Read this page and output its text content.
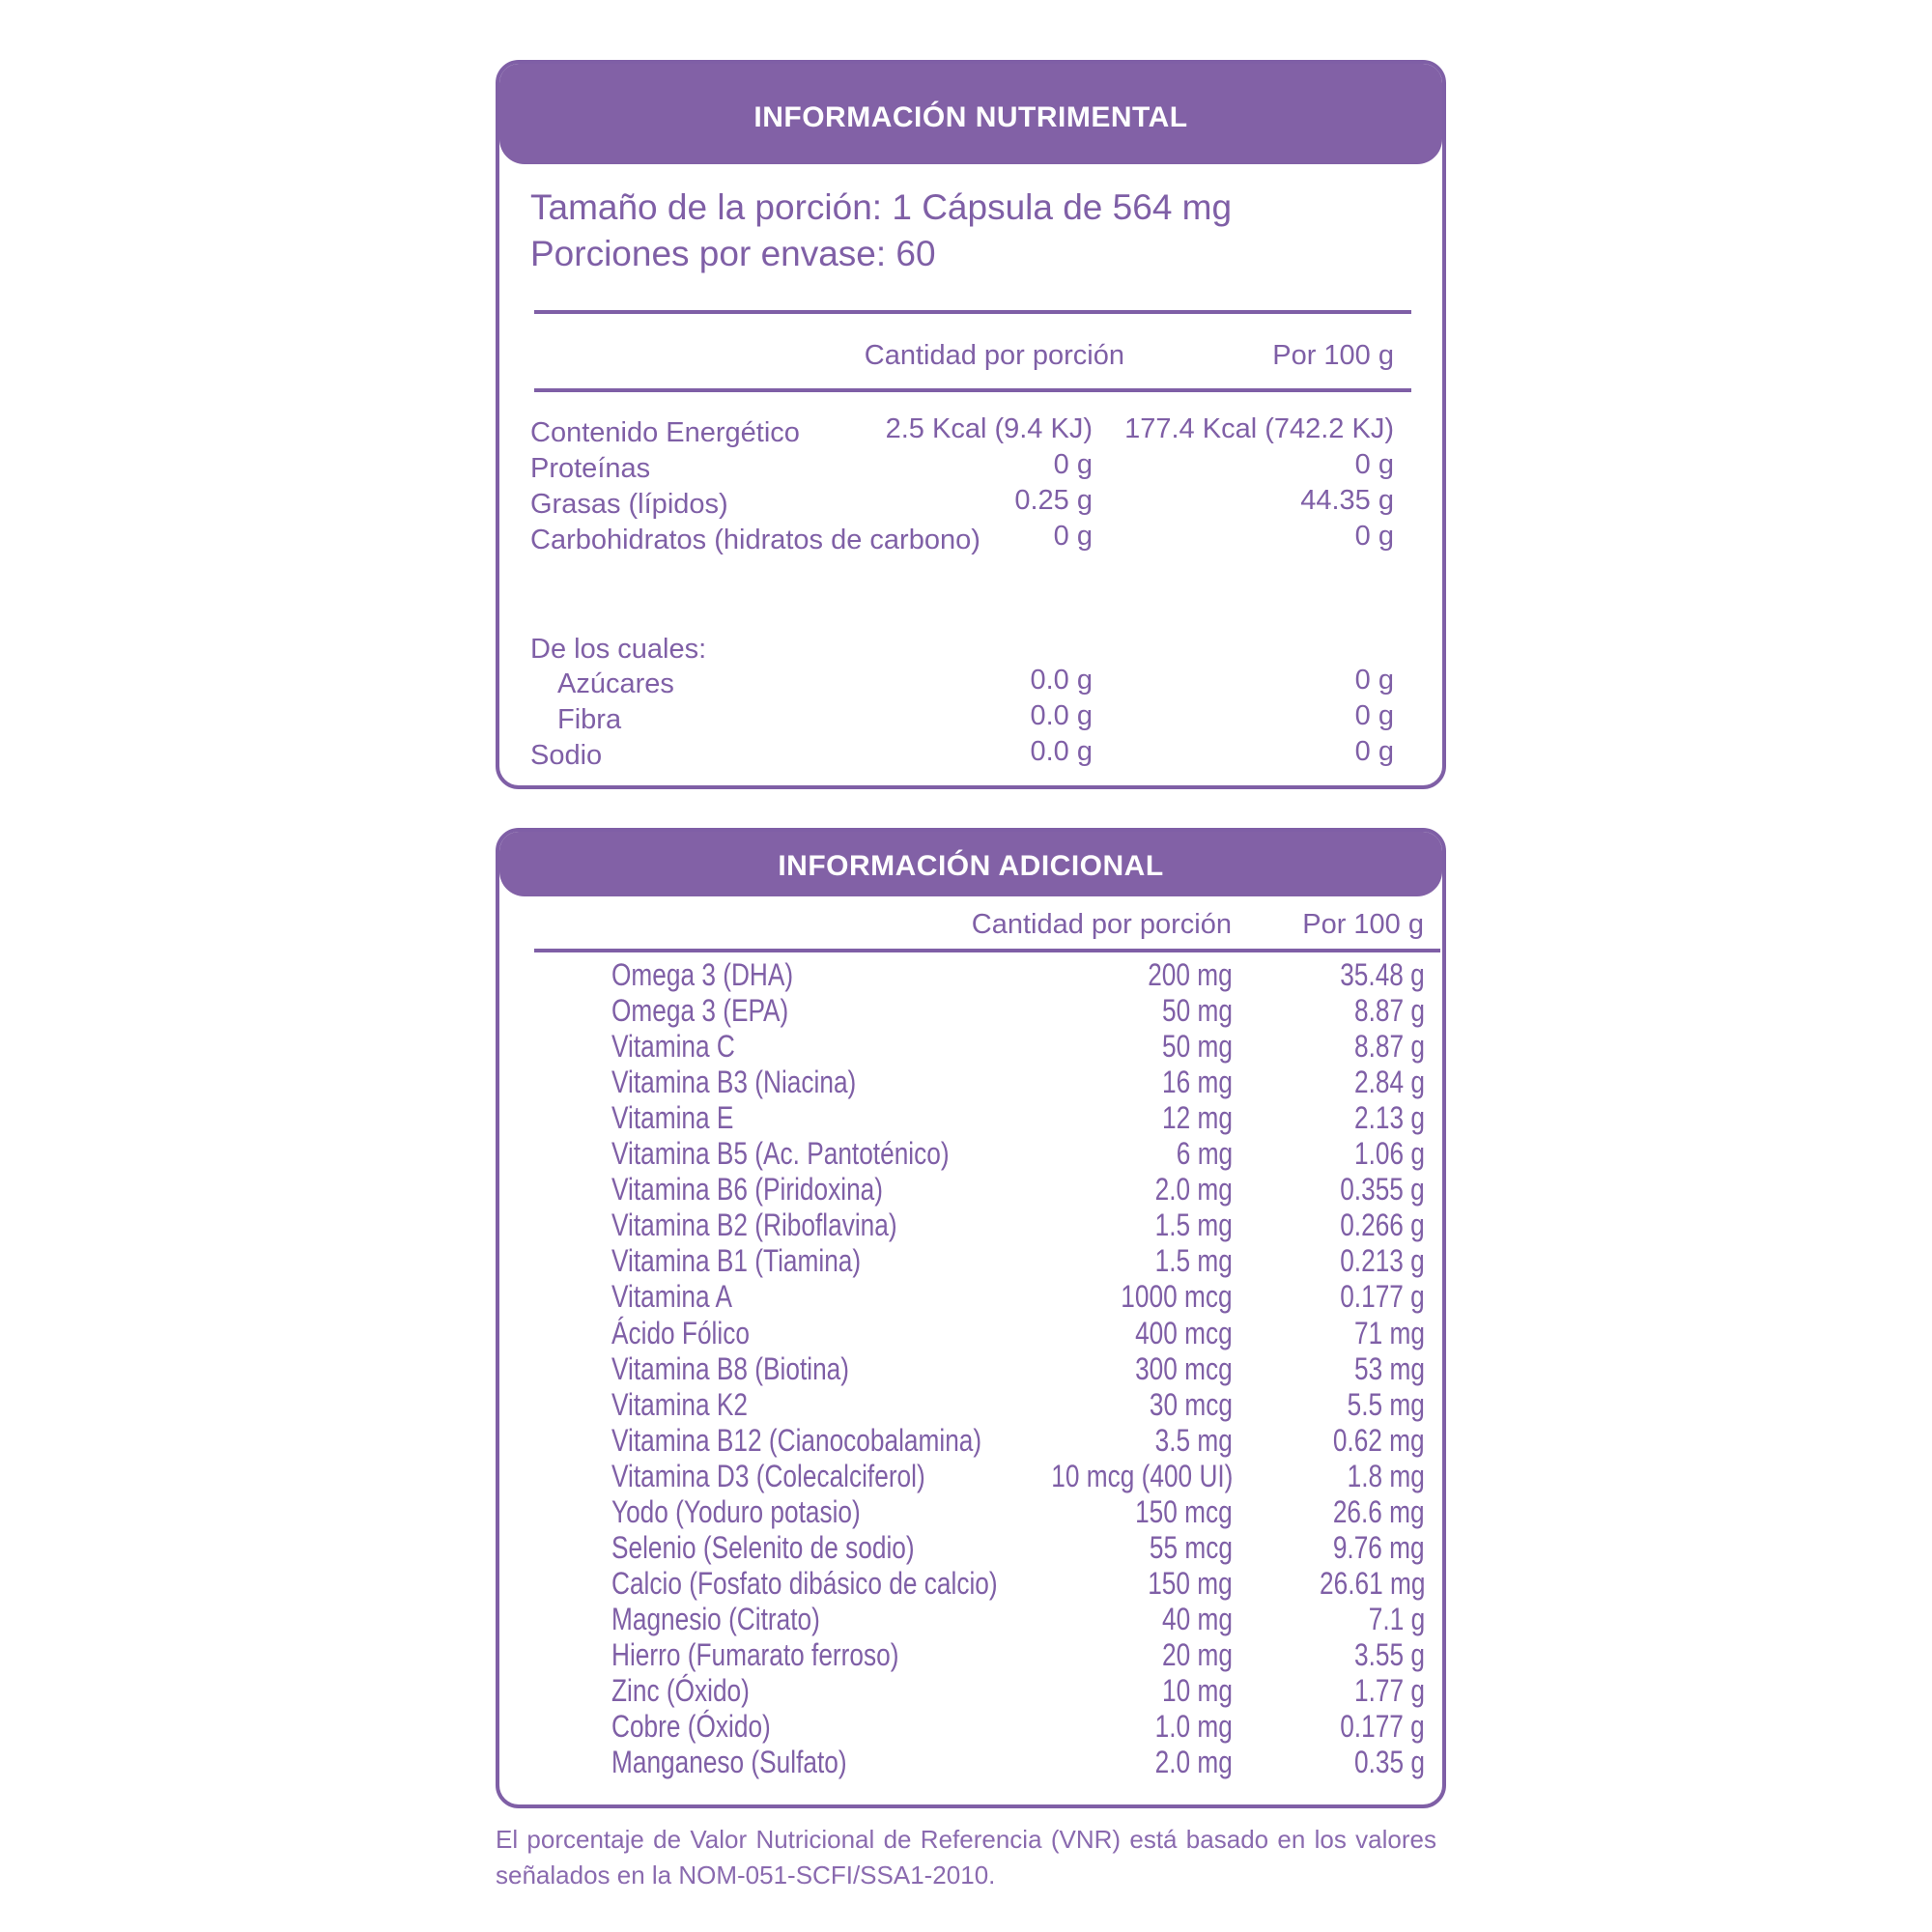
INFORMACIÓN NUTRIMENTAL
Tamaño de la porción: 1 Cápsula de 564 mg
Porciones por envase: 60
Cantidad por porción	Por 100 g
Contenido Energético	2.5 Kcal (9.4 KJ) 177.4 Kcal (742.2 KJ)
Proteínas	0 g	0 g
Grasas (lípidos)	0.25 g	44.35 g
Carbohidratos (hidratos de carbono)	0 g	0 g
De los cuales:
Azúcares	0.0 g	0 g
Fibra	0.0 g	0 g
Sodio	0.0 g	0 g
INFORMACIÓN ADICIONAL
Cantidad por porción	Por 100 g
Omega 3 (DHA)	200 mg	35.48 g
Omega 3 (EPA)	50 mg	8.87 g
Vitamina C	50 mg	8.87 g
Vitamina B3 (Niacina)	16 mg	2.84 g
Vitamina E	12 mg	2.13 g
Vitamina B5 (Ac. Pantoténico)	6 mg	1.06 g
Vitamina B6 (Piridoxina)	2.0 mg	0.355 g
Vitamina B2 (Riboflavina)	1.5 mg	0.266 g
Vitamina B1 (Tiamina)	1.5 mg	0.213 g
Vitamina A	1000 mcg	0.177 g
Ácido Fólico	400 mcg	71 mg
Vitamina B8 (Biotina)	300 mcg	53 mg
Vitamina K2	30 mcg	5.5 mg
Vitamina B12 (Cianocobalamina)	3.5 mg	0.62 mg
Vitamina D3 (Colecalciferol)	10 mcg (400 UI)	1.8 mg
Yodo (Yoduro potasio)	150 mcg	26.6 mg
Selenio (Selenito de sodio)	55 mcg	9.76 mg
Calcio (Fosfato dibásico de calcio)	150 mg	26.61 mg
Magnesio (Citrato)	40 mg	7.1 g
Hierro (Fumarato ferroso)	20 mg	3.55 g
Zinc (Óxido)	10 mg	1.77 g
Cobre (Óxido)	1.0 mg	0.177 g
Manganeso (Sulfato)	2.0 mg	0.35 g
El porcentaje de Valor Nutricional de Referencia (VNR) está basado en los valores señalados en la NOM-051-SCFI/SSA1-2010.
